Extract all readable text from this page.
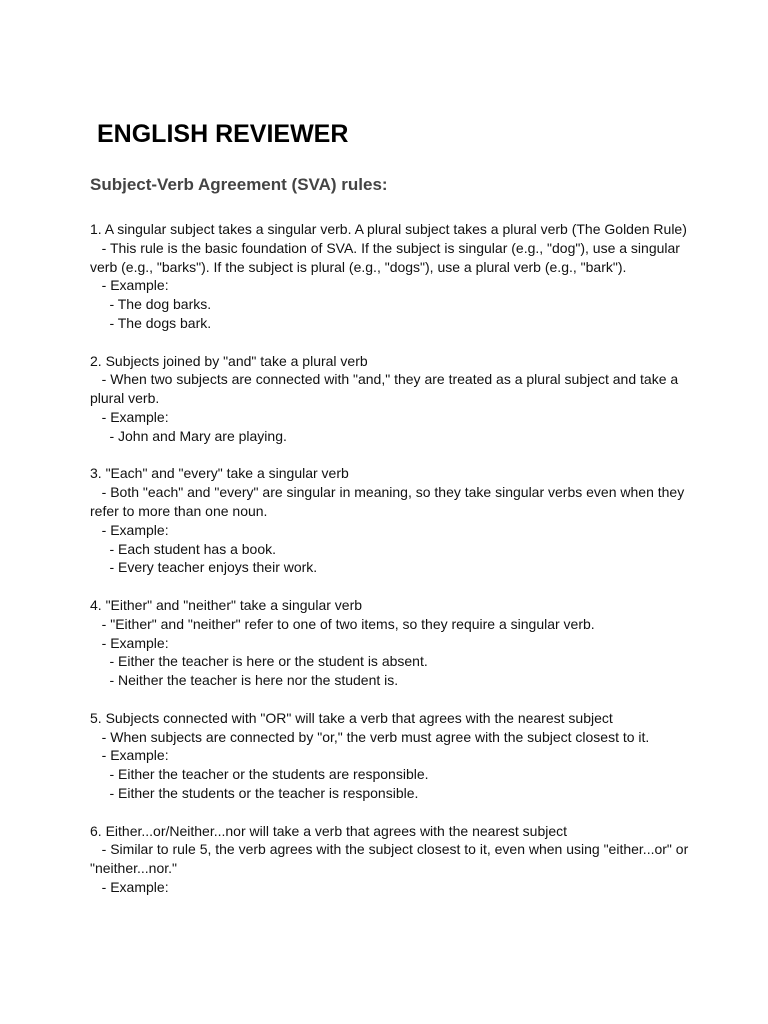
ENGLISH REVIEWER
Subject-Verb Agreement (SVA) rules:

1. A singular subject takes a singular verb. A plural subject takes a plural verb (The Golden Rule)

- This rule is the basic foundation of SVA. If the subject is singular (e.g., "dog"), use a singular verb (e.g., "barks"). If the subject is plural (e.g., "dogs"), use a plural verb (e.g., "bark").

- Example:

- The dog barks.

- The dogs bark.

2. Subjects joined by "and" take a plural verb

- When two subjects are connected with "and," they are treated as a plural subject and take a plural verb.

- Example:

- John and Mary are playing.

3. "Each" and "every" take a singular verb

- Both "each" and "every" are singular in meaning, so they take singular verbs even when they refer to more than one noun.

- Example:

- Each student has a book.

- Every teacher enjoys their work.

4. "Either" and "neither" take a singular verb

- "Either" and "neither" refer to one of two items, so they require a singular verb.

- Example:

- Either the teacher is here or the student is absent.

- Neither the teacher is here nor the student is.

5. Subjects connected with "OR" will take a verb that agrees with the nearest subject

- When subjects are connected by "or," the verb must agree with the subject closest to it.

- Example:

- Either the teacher or the students are responsible.

- Either the students or the teacher is responsible.

6. Either...or/Neither...nor will take a verb that agrees with the nearest subject

- Similar to rule 5, the verb agrees with the subject closest to it, even when using "either...or" or "neither...nor."

- Example:
